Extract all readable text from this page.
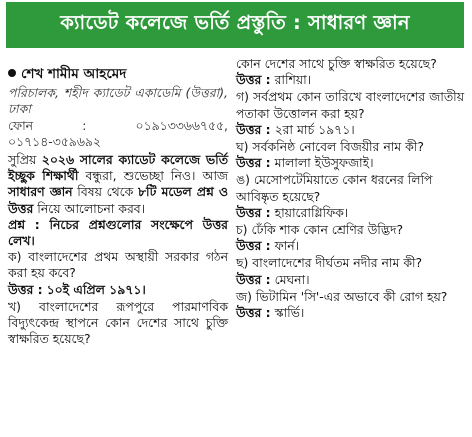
ক্যাডেট কলেজে ভর্তি প্রস্তুতি : সাধারণ জ্ঞান
শেখ শামীম আহমেদ
পরিচালক, শহীদ ক্যাডেট একাডেমি (উত্তরা), ঢাকা
ফোন : ০১৯১৩৩৬৬৭৫৫, ০১৭১৪-৩৫৯৬৯২
সুপ্রিয় ২০২৬ সালের ক্যাডেট কলেজে ভর্তি ইচ্ছুক শিক্ষার্থী বন্ধুরা, শুভেচ্ছা নিও। আজ সাধারণ জ্ঞান বিষয় থেকে ৮টি মডেল প্রশ্ন ও উত্তর নিয়ে আলোচনা করব।
প্রশ্ন : নিচের প্রশ্নগুলোর সংক্ষেপে উত্তর লেখ।
ক) বাংলাদেশের প্রথম অস্থায়ী সরকার গঠন করা হয় কবে?
উত্তর : ১০ই এপ্রিল ১৯৭১।
খ) বাংলাদেশের রূপপুরে পারমাণবিক বিদ্যুৎকেন্দ্র স্থাপনে কোন দেশের সাথে চুক্তি স্বাক্ষরিত হয়েছে?
কোন দেশের সাথে চুক্তি স্বাক্ষরিত হয়েছে?
উত্তর : রাশিয়া।
গ) সর্বপ্রথম কোন তারিখে বাংলাদেশের জাতীয় পতাকা উত্তোলন করা হয়?
উত্তর : ২রা মার্চ ১৯৭১।
ঘ) সর্বকনিষ্ঠ নোবেল বিজয়ীর নাম কী?
উত্তর : মালালা ইউসুফজাই।
ঙ) মেসোপটেমিয়াতে কোন ধরনের লিপি আবিষ্কৃত হয়েছে?
উত্তর : হায়ারোগ্লিফিক।
চ) ঢেঁকি শাক কোন শ্রেণির উদ্ভিদ?
উত্তর : ফার্ন।
ছ) বাংলাদেশের দীর্ঘতম নদীর নাম কী?
উত্তর : মেঘনা।
জ) ভিটামিন 'সি'-এর অভাবে কী রোগ হয়?
উত্তর : স্কার্ভি।
